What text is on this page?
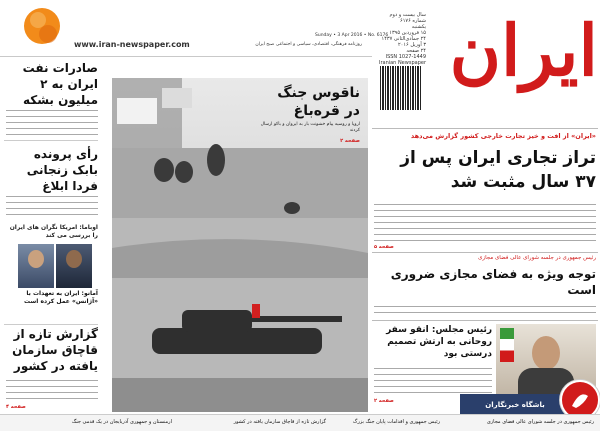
www.iran-newspaper.com
Sunday • 3 Apr 2016 • No. 6176
روزنامه فرهنگی، اقتصادی، سیاسی و اجتماعی صبح ایران
سال بیست و دوم
شماره ۶۱۷۶
یکشنبه
۱۵ فروردین ۱۳۹۵
۲۴ جمادی‌الثانی ۱۴۳۷
۳ آوریل ۲۰۱۶
۲۴ صفحه
ISSN 1027-1449
Iranian Newspaper ایران
صادرات نفت ایران به ۲ میلیون بشکه
رأی پرونده بابک زنجانی فردا ابلاغ
اوباما: امریکا نگران های ایران را بررسی می کند
آمانو: ایران به تعهدات با «آژانس» عمل کرده است
گزارش تازه از قاچاق سازمان یافته در کشور
صفحه ۴
ناقوس جنگ در قره‌باغ
اروپا و روسیه پیام خشونت بار به ایروان و باکو ارسال کردند
صفحه ۲
«ایران» از افت و خیز تجارت خارجی کشور گزارش می‌دهد
تراز تجاری ایران پس از ۳۷ سال مثبت شد
صفحه ۵
رئیس جمهوری در جلسه شورای عالی فضای مجازی
توجه ویژه به فضای مجازی ضروری است
رئیس مجلس: انقو سفر روحانی به ارتش تصمیم درستی بود
صفحه ۲	باشگاه خبرنگاران
رئیس جمهوری در جلسه شورای عالی فضای مجازی
گزارش تازه از قاچاق سازمان یافته در کشور	رئیس جمهوری و اقدامات پایان جنگ بزرگ
ارمنستان و جمهوری آذربایجان در یک قدمی جنگ
